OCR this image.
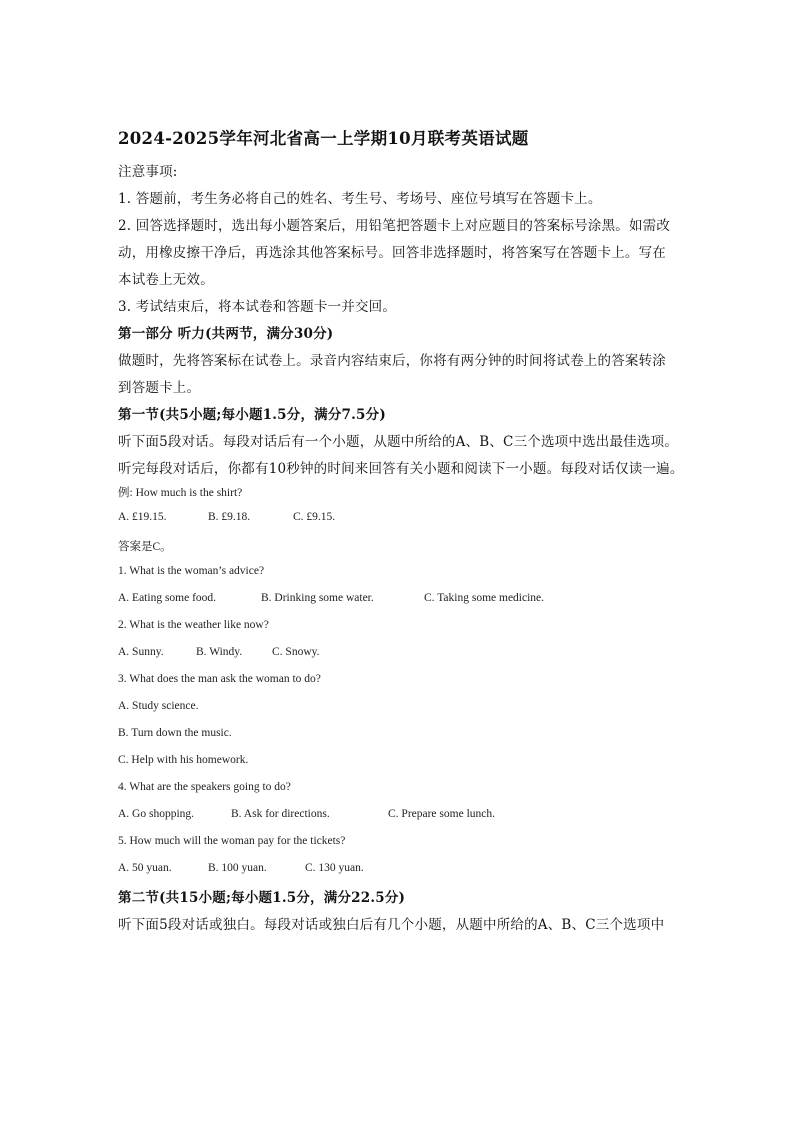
2024-2025学年河北省高一上学期10月联考英语试题
注意事项:
1. 答题前，考生务必将自己的姓名、考生号、考场号、座位号填写在答题卡上。
2. 回答选择题时，选出每小题答案后，用铅笔把答题卡上对应题目的答案标号涂黑。如需改
动，用橡皮擦干净后，再选涂其他答案标号。回答非选择题时，将答案写在答题卡上。写在
本试卷上无效。
3. 考试结束后，将本试卷和答题卡一并交回。
第一部分 听力(共两节，满分30分)
做题时，先将答案标在试卷上。录音内容结束后，你将有两分钟的时间将试卷上的答案转涂
到答题卡上。
第一节(共5小题;每小题1.5分，满分7.5分)
听下面5段对话。每段对话后有一个小题，从题中所给的A、B、C三个选项中选出最佳选项。
听完每段对话后，你都有10秒钟的时间来回答有关小题和阅读下一小题。每段对话仅读一遍。
例: How much is the shirt?
A. £19.15.	B. £9.18.	C. £9.15.
答案是C。
1. What is the woman’s advice?
A. Eating some food.	B. Drinking some water.	C. Taking some medicine.
2. What is the weather like now?
A. Sunny.	B. Windy.	C. Snowy.
3. What does the man ask the woman to do?
A. Study science.
B. Turn down the music.
C. Help with his homework.
4. What are the speakers going to do?
A. Go shopping.	B. Ask for directions.	C. Prepare some lunch.
5. How much will the woman pay for the tickets?
A. 50 yuan.	B. 100 yuan.	C. 130 yuan.
第二节(共15小题;每小题1.5分，满分22.5分)
听下面5段对话或独白。每段对话或独白后有几个小题，从题中所给的A、B、C三个选项中
